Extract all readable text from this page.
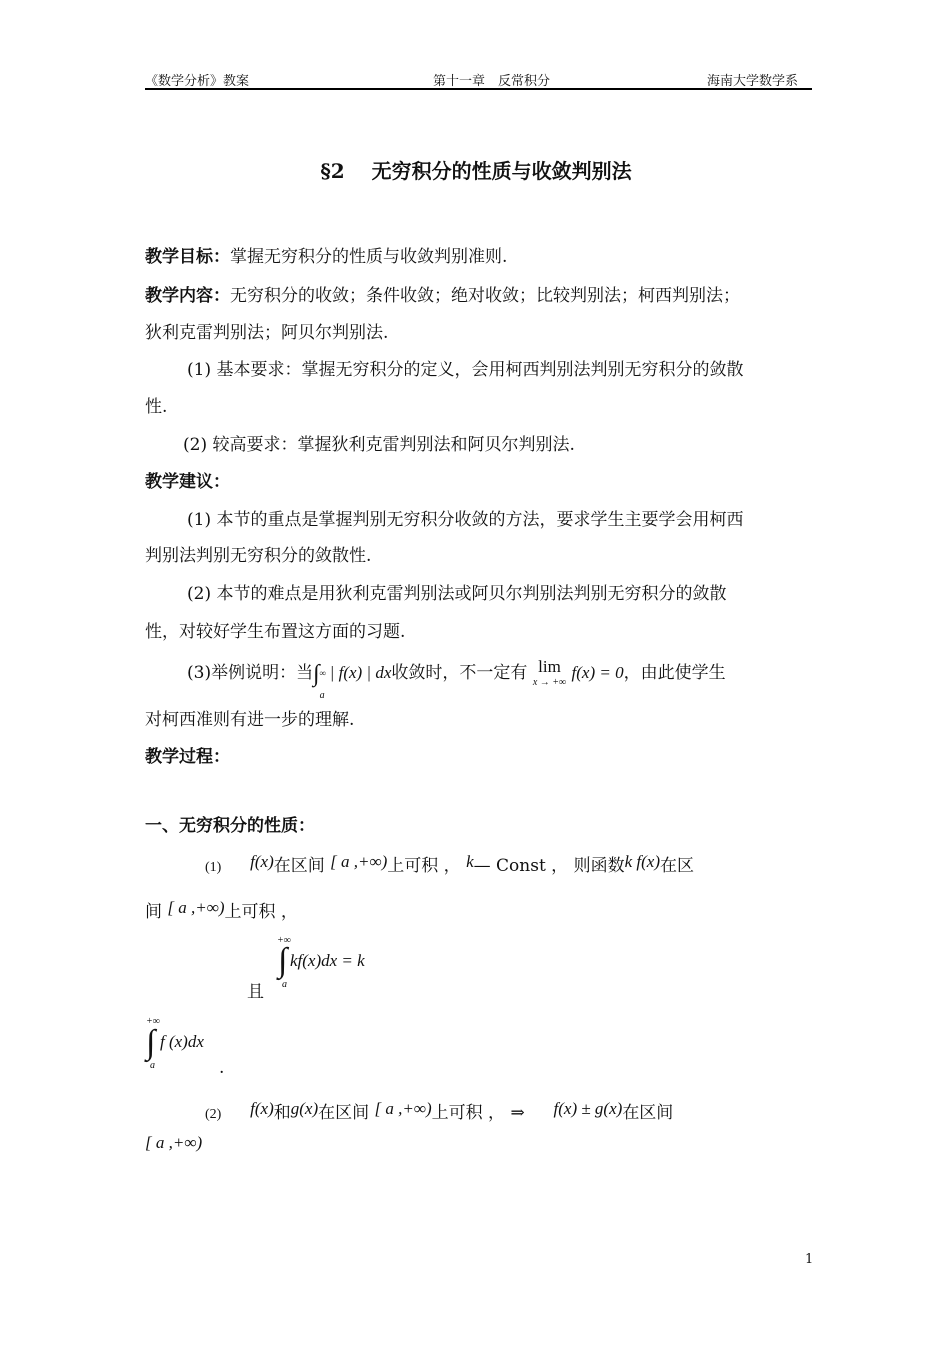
《数学分析》教案	第十一章　反常积分	海南大学数学系
§2　 无穷积分的性质与收敛判别法
教学目标：掌握无穷积分的性质与收敛判别准则.
教学内容：无穷积分的收敛；条件收敛；绝对收敛；比较判别法；柯西判别法；
狄利克雷判别法；阿贝尔判别法.
(1) 基本要求：掌握无穷积分的定义，会用柯西判别法判别无穷积分的敛散
性.
(2) 较高要求：掌握狄利克雷判别法和阿贝尔判别法.
教学建议：
(1) 本节的重点是掌握判别无穷积分收敛的方法，要求学生主要学会用柯西
判别法判别无穷积分的敛散性.
(2) 本节的难点是用狄利克雷判别法或阿贝尔判别法判别无穷积分的敛散
性，对较好学生布置这方面的习题.
(3)举例说明：当∫ ∞
a
| f(x) | dx收敛时，不一定有 lim
x → +∞
f(x) = 0，由此使学生
对柯西准则有进一步的理解.
教学过程：
一、无穷积分的性质：
(1) f(x)在区间 [ a ,+∞)上可积 ， k— Const ， 则函数k f(x)在区
间 [ a ,+∞)上可积 ，
+∞
∫
a
kf(x)dx = k
且
+∞
∫
a
f (x)dx
.
(2) f(x)和g(x)在区间 [ a ,+∞)上可积 ， ⇒ f(x) ± g(x)在区间
[ a ,+∞)
1
